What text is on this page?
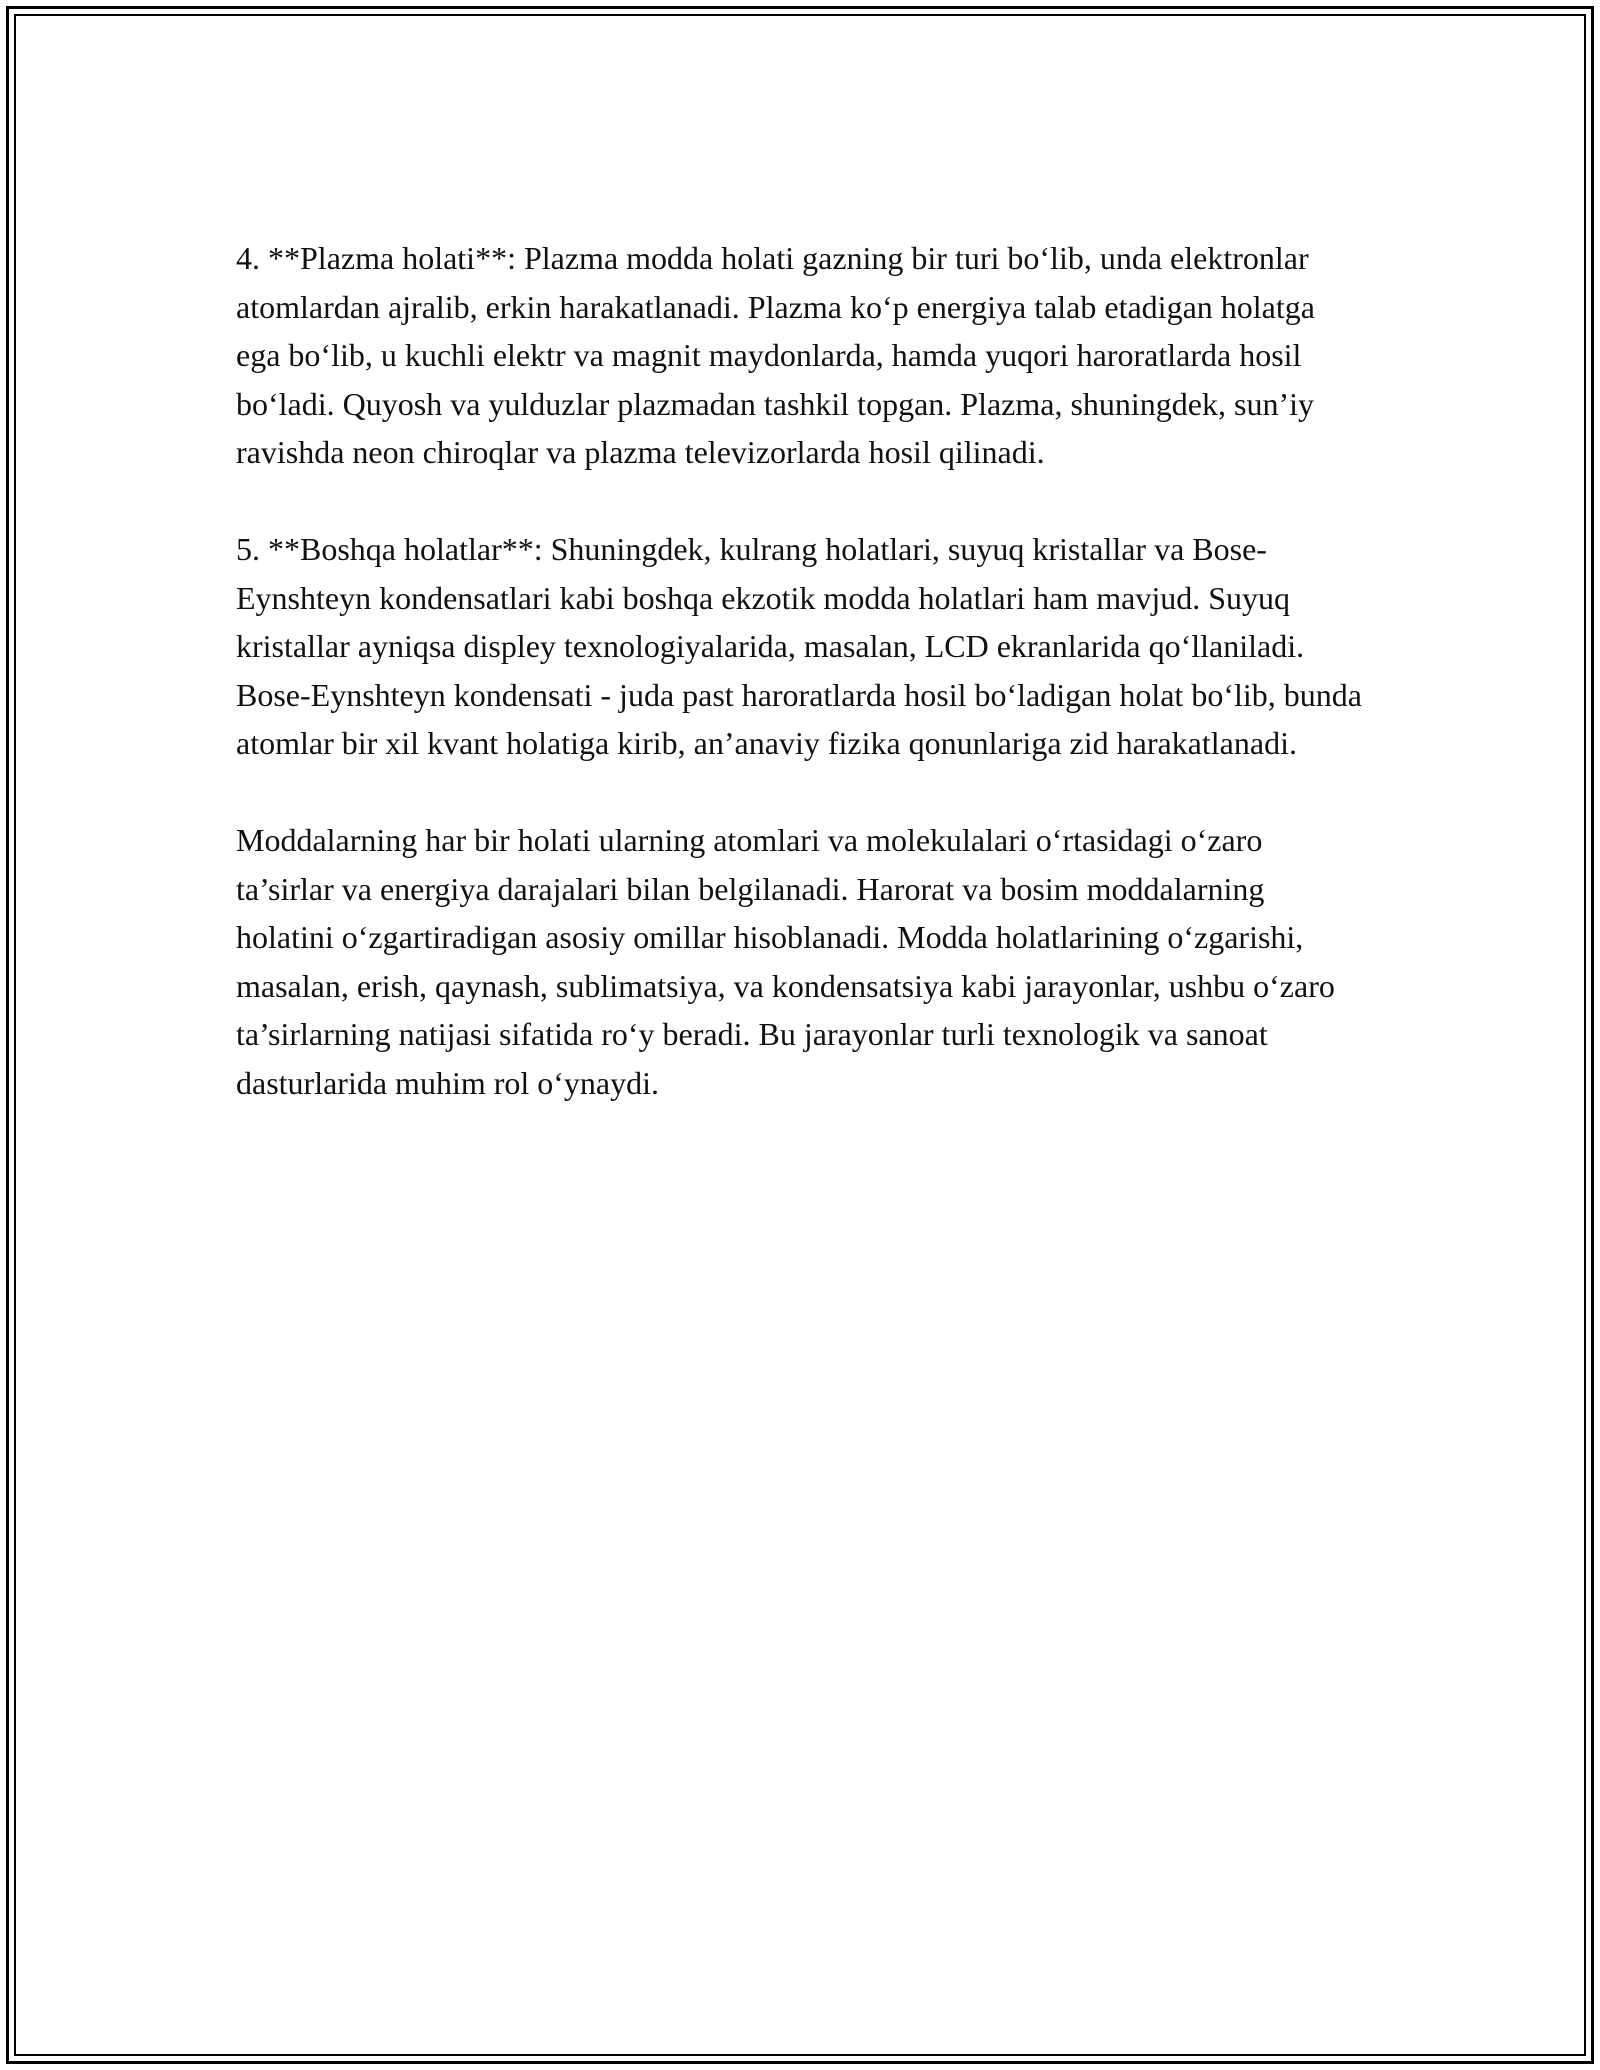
4. **Plazma holati**: Plazma modda holati gazning bir turi bo‘lib, unda elektronlar atomlardan ajralib, erkin harakatlanadi. Plazma ko‘p energiya talab etadigan holatga ega bo‘lib, u kuchli elektr va magnit maydonlarda, hamda yuqori haroratlarda hosil bo‘ladi. Quyosh va yulduzlar plazmadan tashkil topgan. Plazma, shuningdek, sun’iy ravishda neon chiroqlar va plazma televizorlarda hosil qilinadi.

5. **Boshqa holatlar**: Shuningdek, kulrang holatlari, suyuq kristallar va Bose-Eynshteyn kondensatlari kabi boshqa ekzotik modda holatlari ham mavjud. Suyuq kristallar ayniqsa displey texnologiyalarida, masalan, LCD ekranlarida qo‘llaniladi. Bose-Eynshteyn kondensati - juda past haroratlarda hosil bo‘ladigan holat bo‘lib, bunda atomlar bir xil kvant holatiga kirib, an’anaviy fizika qonunlariga zid harakatlanadi.

Moddalarning har bir holati ularning atomlari va molekulalari o‘rtasidagi o‘zaro ta’sirlar va energiya darajalari bilan belgilanadi. Harorat va bosim moddalarning holatini o‘zgartiradigan asosiy omillar hisoblanadi. Modda holatlarining o‘zgarishi, masalan, erish, qaynash, sublimatsiya, va kondensatsiya kabi jarayonlar, ushbu o‘zaro ta’sirlarning natijasi sifatida ro‘y beradi. Bu jarayonlar turli texnologik va sanoat dasturlarida muhim rol o‘ynaydi.
